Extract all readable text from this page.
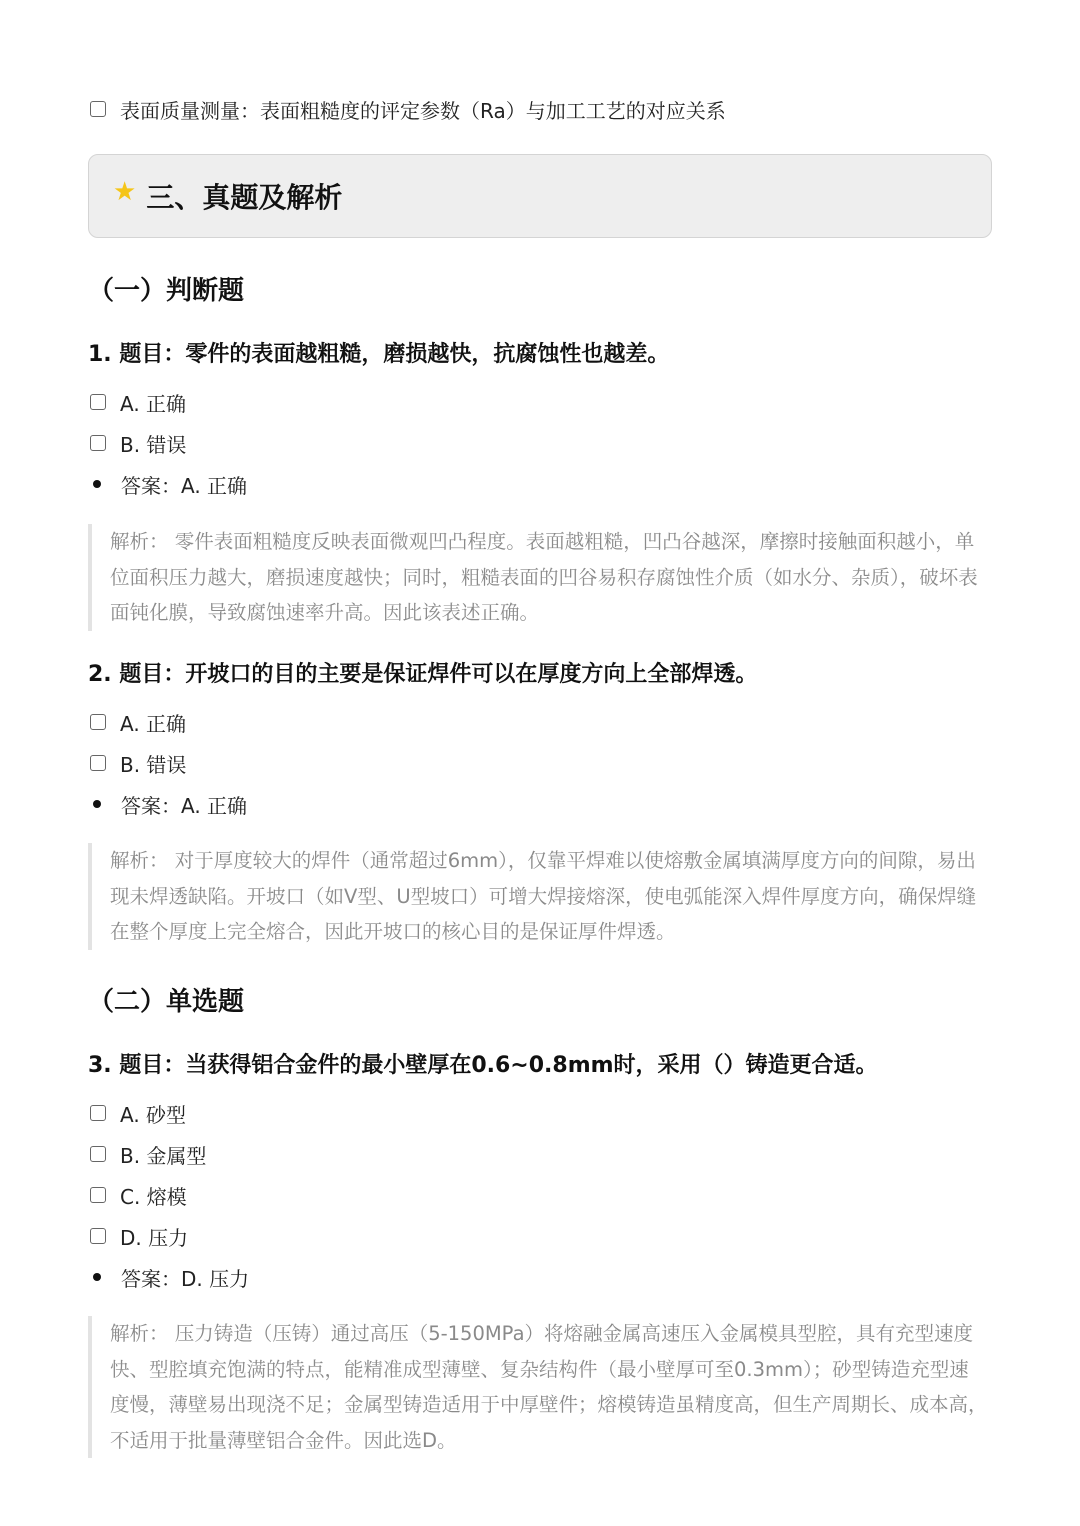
表面质量测量：表面粗糙度的评定参数（Ra）与加工工艺的对应关系
★ 三、真题及解析
（一）判断题
1. 题目：零件的表面越粗糙，磨损越快，抗腐蚀性也越差。
A. 正确
B. 错误
答案：A. 正确
解析： 零件表面粗糙度反映表面微观凹凸程度。表面越粗糙，凹凸谷越深，摩擦时接触面积越小，单位面积压力越大，磨损速度越快；同时，粗糙表面的凹谷易积存腐蚀性介质（如水分、杂质），破坏表面钝化膜，导致腐蚀速率升高。因此该表述正确。
2. 题目：开坡口的目的主要是保证焊件可以在厚度方向上全部焊透。
A. 正确
B. 错误
答案：A. 正确
解析： 对于厚度较大的焊件（通常超过6mm），仅靠平焊难以使熔敷金属填满厚度方向的间隙，易出现未焊透缺陷。开坡口（如V型、U型坡口）可增大焊接熔深，使电弧能深入焊件厚度方向，确保焊缝在整个厚度上完全熔合，因此开坡口的核心目的是保证厚件焊透。
（二）单选题
3. 题目：当获得铝合金件的最小壁厚在0.6~0.8mm时，采用（）铸造更合适。
A. 砂型
B. 金属型
C. 熔模
D. 压力
答案：D. 压力
解析： 压力铸造（压铸）通过高压（5-150MPa）将熔融金属高速压入金属模具型腔，具有充型速度快、型腔填充饱满的特点，能精准成型薄壁、复杂结构件（最小壁厚可至0.3mm）；砂型铸造充型速度慢，薄壁易出现浇不足；金属型铸造适用于中厚壁件；熔模铸造虽精度高，但生产周期长、成本高，不适用于批量薄壁铝合金件。因此选D。
